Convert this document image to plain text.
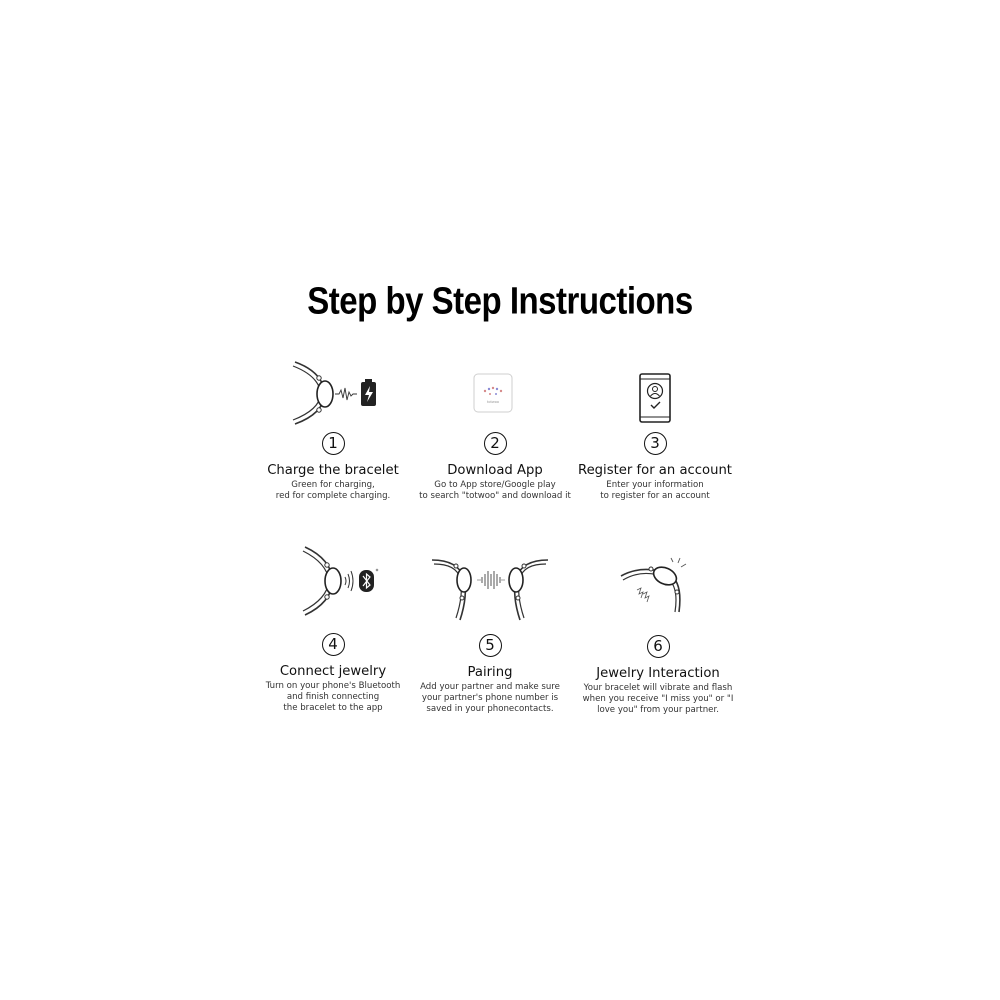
Step by Step Instructions
1
Charge the bracelet
Green for charging,
red for complete charging.
totwoo
2
Download App
Go to App store/Google play
to search "totwoo" and download it
3
Register for an account
Enter your information
to register for an account
4
Connect jewelry
Turn on your phone's Bluetooth
and finish connecting
the bracelet to the app
5
Pairing
Add your partner and make sure
your partner's phone number is
saved in your phonecontacts.
6
Jewelry Interaction
Your bracelet will vibrate and flash
when you receive "I miss you" or "I
love you" from your partner.
